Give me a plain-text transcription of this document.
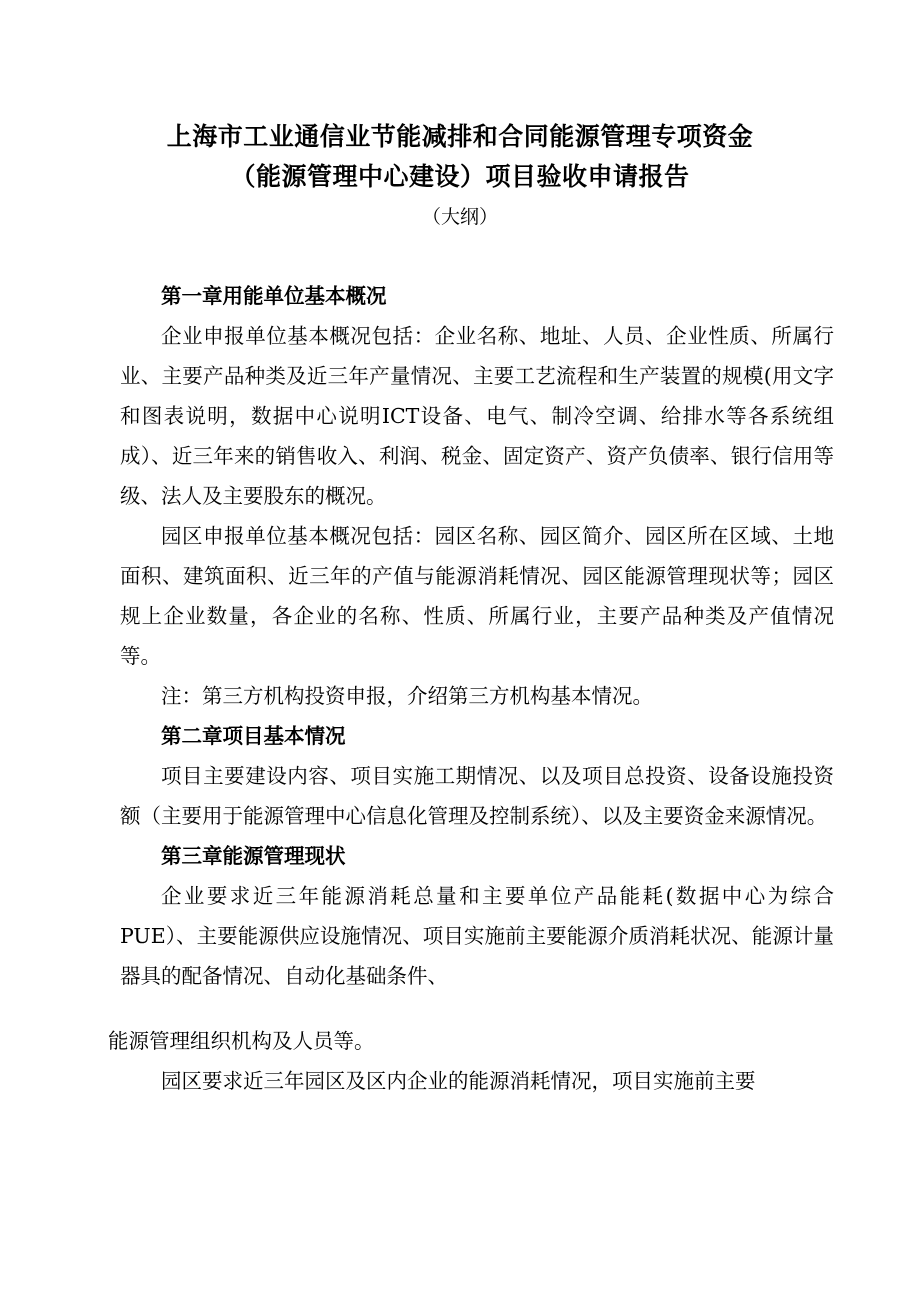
上海市工业通信业节能减排和合同能源管理专项资金
（能源管理中心建设）项目验收申请报告
（大纲）

第一章用能单位基本概况

企业申报单位基本概况包括：企业名称、地址、人员、企业性质、所属行业、主要产品种类及近三年产量情况、主要工艺流程和生产装置的规模(用文字和图表说明，数据中心说明ICT设备、电气、制冷空调、给排水等各系统组成）、近三年来的销售收入、利润、税金、固定资产、资产负债率、银行信用等级、法人及主要股东的概况。

园区申报单位基本概况包括：园区名称、园区简介、园区所在区域、土地面积、建筑面积、近三年的产值与能源消耗情况、园区能源管理现状等；园区规上企业数量，各企业的名称、性质、所属行业，主要产品种类及产值情况等。

注：第三方机构投资申报，介绍第三方机构基本情况。

第二章项目基本情况

项目主要建设内容、项目实施工期情况、以及项目总投资、设备设施投资额（主要用于能源管理中心信息化管理及控制系统）、以及主要资金来源情况。

第三章能源管理现状

企业要求近三年能源消耗总量和主要单位产品能耗(数据中心为综合PUE）、主要能源供应设施情况、项目实施前主要能源介质消耗状况、能源计量器具的配备情况、自动化基础条件、

能源管理组织机构及人员等。

园区要求近三年园区及区内企业的能源消耗情况，项目实施前主要
